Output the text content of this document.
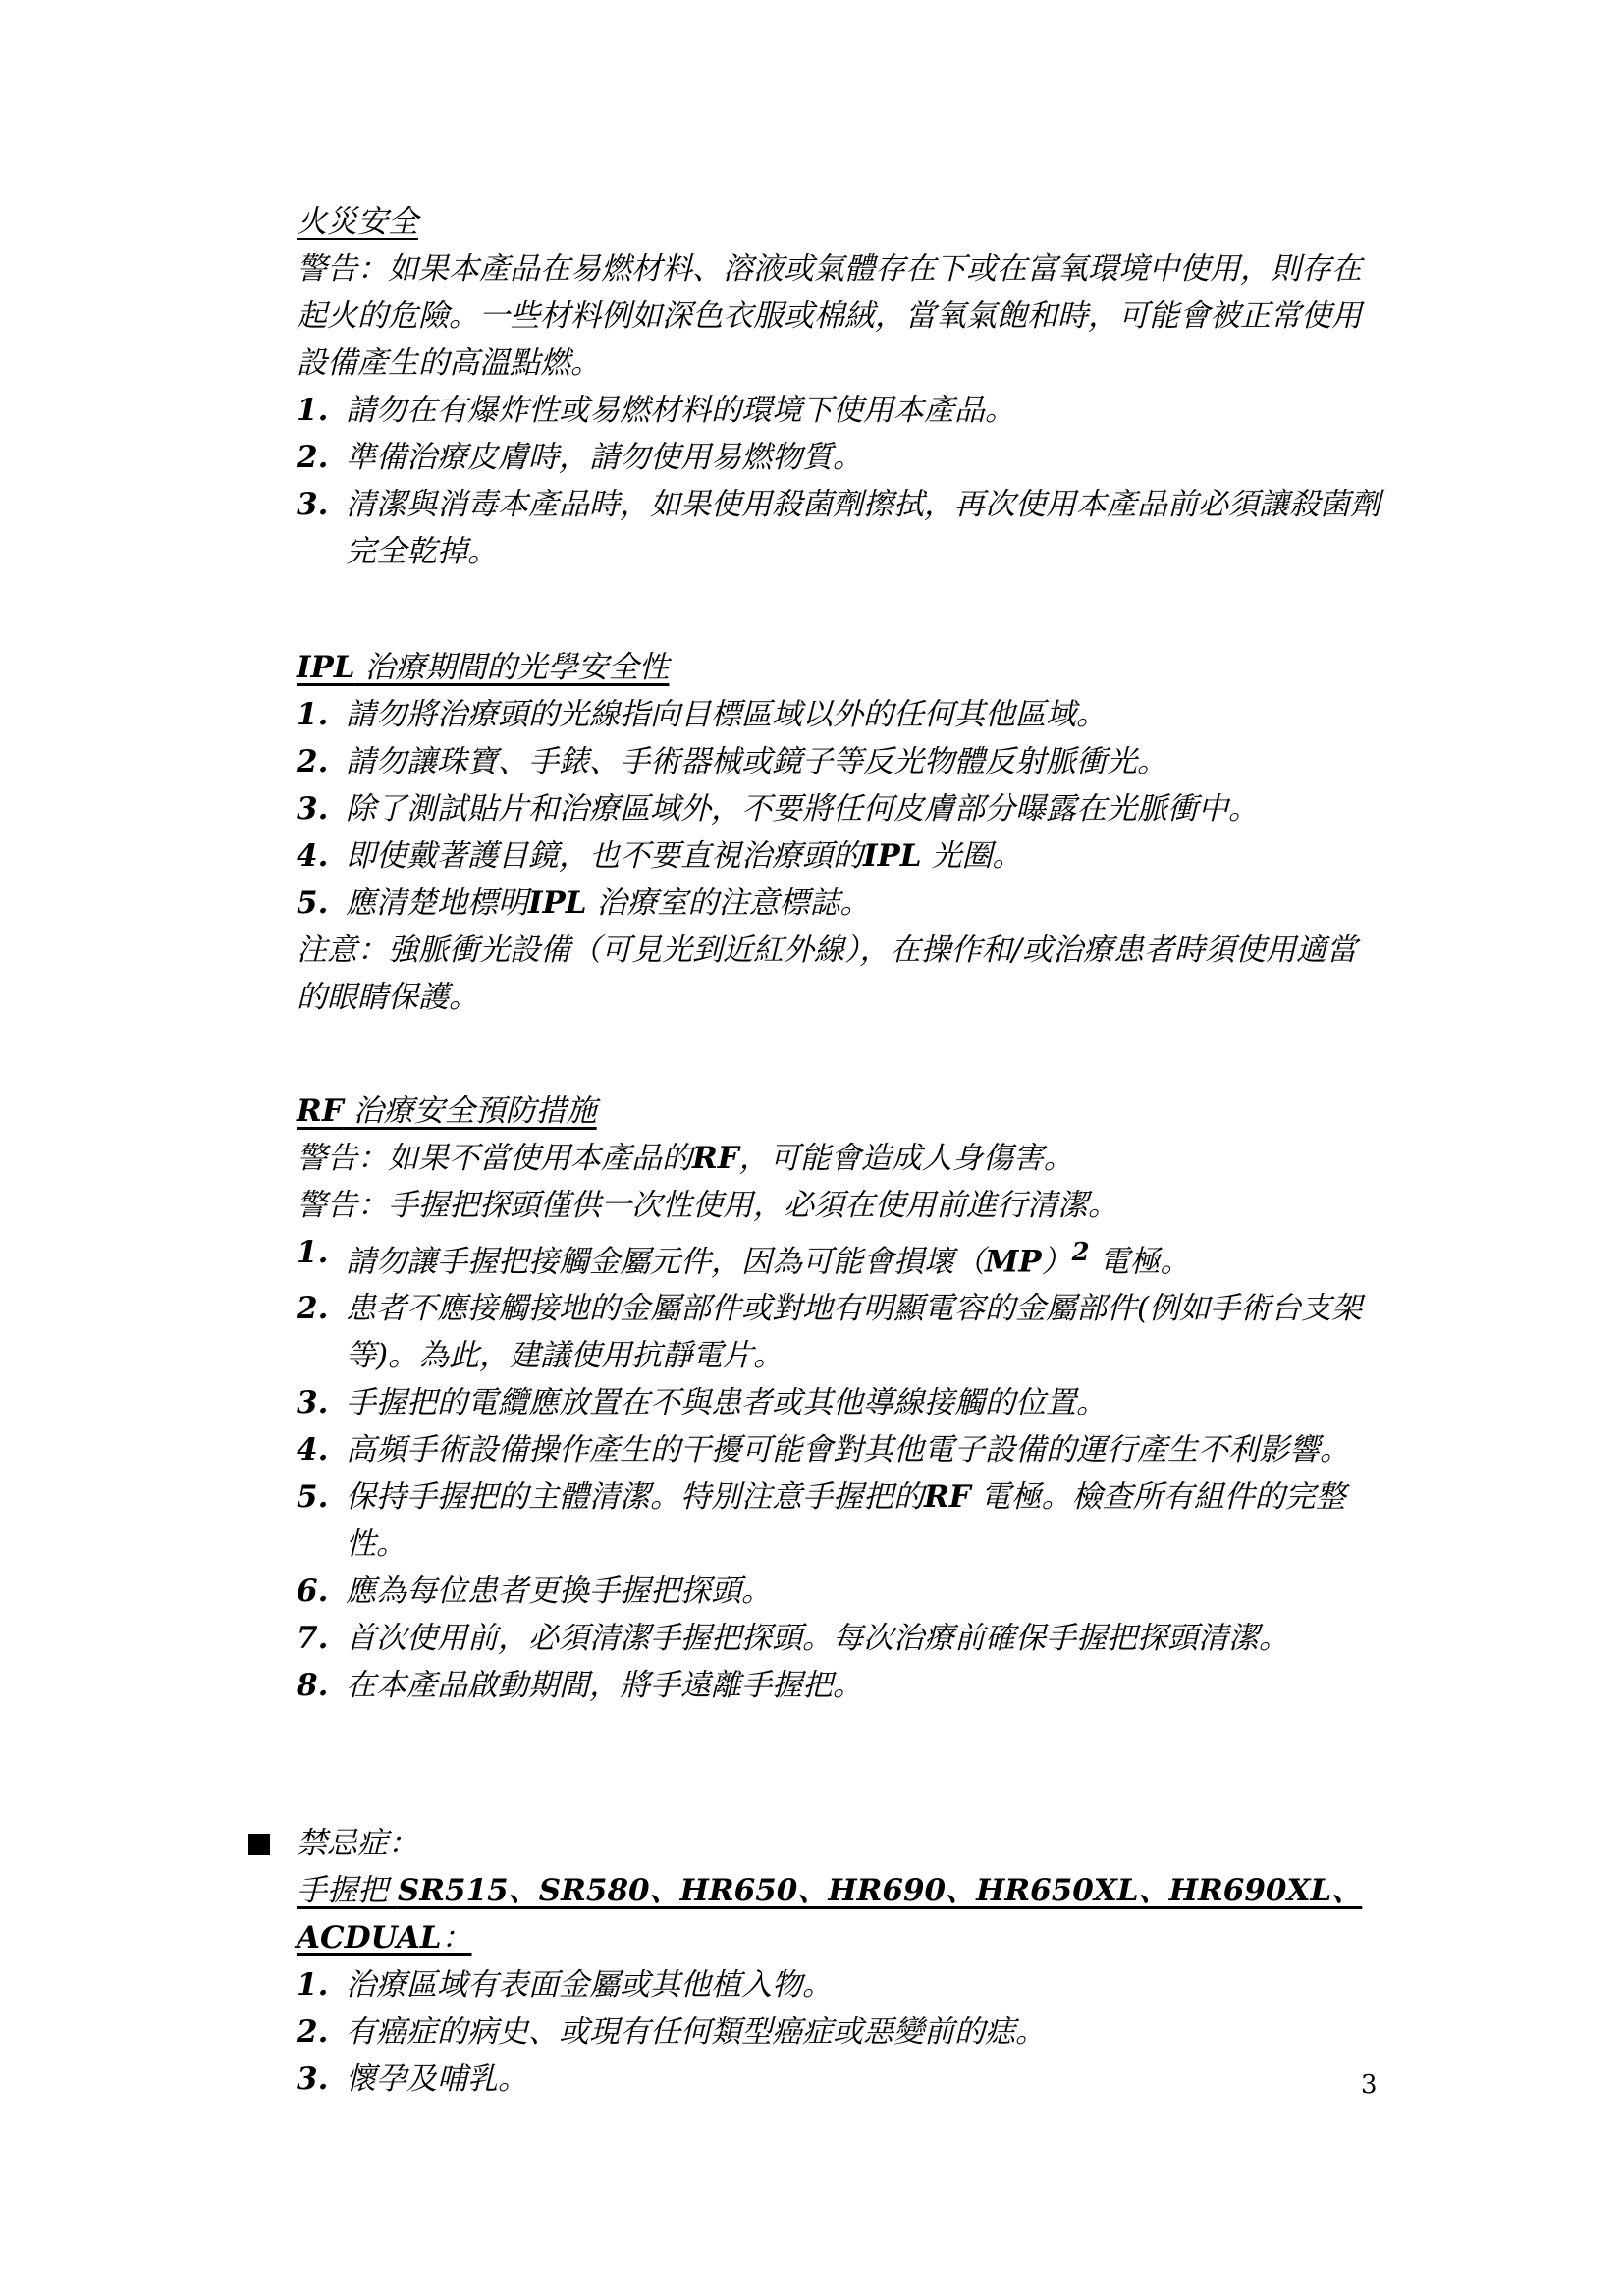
火災安全

警告：如果本產品在易燃材料、溶液或氣體存在下或在富氧環境中使用，則存在起火的危險。一些材料例如深色衣服或棉絨，當氧氣飽和時，可能會被正常使用設備產生的高溫點燃。

1. 請勿在有爆炸性或易燃材料的環境下使用本產品。

2. 準備治療皮膚時，請勿使用易燃物質。

3. 清潔與消毒本產品時，如果使用殺菌劑擦拭，再次使用本產品前必須讓殺菌劑完全乾掉。

IPL 治療期間的光學安全性

1. 請勿將治療頭的光線指向目標區域以外的任何其他區域。

2. 請勿讓珠寶、手錶、手術器械或鏡子等反光物體反射脈衝光。

3. 除了測試貼片和治療區域外，不要將任何皮膚部分曝露在光脈衝中。

4. 即使戴著護目鏡，也不要直視治療頭的IPL 光圈。

5. 應清楚地標明IPL 治療室的注意標誌。

注意：強脈衝光設備（可見光到近紅外線），在操作和/或治療患者時須使用適當的眼睛保護。

RF 治療安全預防措施

警告：如果不當使用本產品的RF，可能會造成人身傷害。

警告：手握把探頭僅供一次性使用，必須在使用前進行清潔。

1. 請勿讓手握把接觸金屬元件，因為可能會損壞（MP）$^2$ 電極。

2. 患者不應接觸接地的金屬部件或對地有明顯電容的金屬部件(例如手術台支架等)。為此，建議使用抗靜電片。

3. 手握把的電纜應放置在不與患者或其他導線接觸的位置。

4. 高頻手術設備操作產生的干擾可能會對其他電子設備的運行產生不利影響。

5. 保持手握把的主體清潔。特別注意手握把的RF 電極。檢查所有組件的完整性。

6. 應為每位患者更換手握把探頭。

7. 首次使用前，必須清潔手握把探頭。每次治療前確保手握把探頭清潔。

8. 在本產品啟動期間，將手遠離手握把。

禁忌症：

手握把 SR515、SR580、HR650、HR690、HR650XL、HR690XL、ACDUAL：

1. 治療區域有表面金屬或其他植入物。

2. 有癌症的病史、或現有任何類型癌症或惡變前的痣。

3. 懷孕及哺乳。	3
